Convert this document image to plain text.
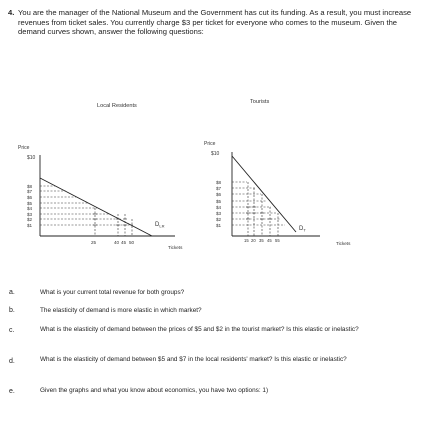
4. You are the manager of the National Museum and the Government has cut its funding. As a result, you must increase revenues from ticket sales. You currently charge $3 per ticket for everyone who comes to the museum. Given the demand curves shown, answer the following questions:
Local Residents
Tourists
Price
$10
$8
$7
$6
$5
$4
$3
$2
$1
25	40 45 50
Tickets
$D_{LR}$
Price
$10
$8
$7
$6
$5
$4
$3
$2
$1
15 20 35 45 55
Tickets
$D_T$
a.	What is your current total revenue for both groups?
b.	The elasticity of demand is more elastic in which market?
c.	What is the elasticity of demand between the prices of $5 and $2 in the tourist market? Is this elastic or inelastic?
d.	What is the elasticity of demand between $5 and $7 in the local residents' market? Is this elastic or inelastic?
e.	Given the graphs and what you know about economics, you have two options: 1)
